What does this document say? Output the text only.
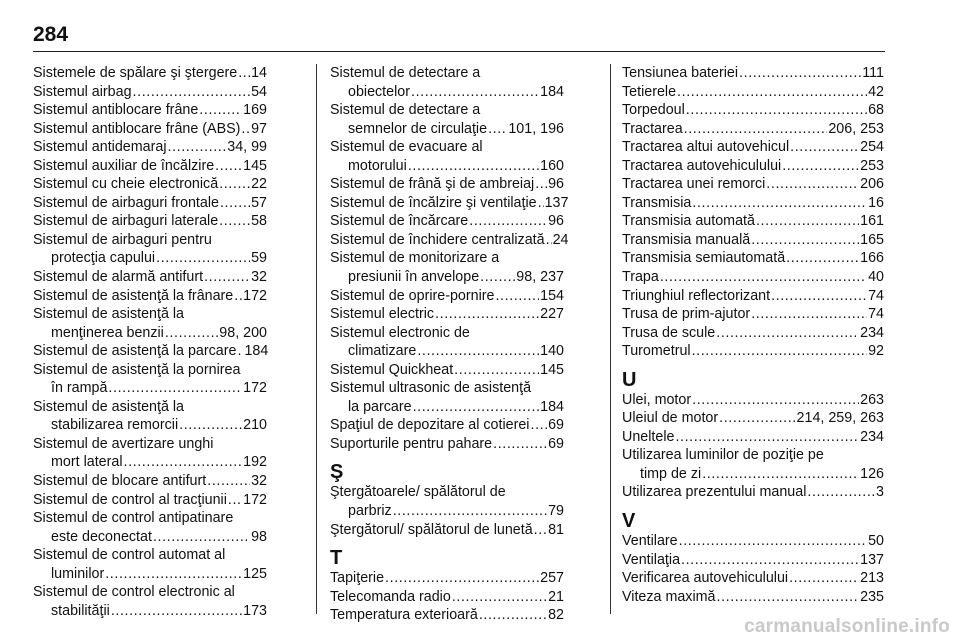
284
Sistemele de spălare şi ştergere ..... 14
Sistemul airbag .....	54
Sistemul antiblocare frâne .....	169
Sistemul antiblocare frâne (ABS) ..... 97
Sistemul antidemaraj .....	34, 99
Sistemul auxiliar de încălzire ..... 145
Sistemul cu cheie electronică ..... 22
Sistemul de airbaguri frontale ..... 57
Sistemul de airbaguri laterale ..... 58
Sistemul de airbaguri pentru
protecţia capului .....	59
Sistemul de alarmă antifurt .....	32
Sistemul de asistenţă la frânare ..... 172
Sistemul de asistenţă la
menţinerea benzii .....	98, 200
Sistemul de asistenţă la parcare ..... 184
Sistemul de asistenţă la pornirea
în rampă .....	172
Sistemul de asistenţă la
stabilizarea remorcii .....	210
Sistemul de avertizare unghi
mort lateral .....	192
Sistemul de blocare antifurt .....	32
Sistemul de control al tracţiunii ..... 172
Sistemul de control antipatinare
este deconectat .....	98
Sistemul de control automat al
luminilor .....	125
Sistemul de control electronic al
stabilităţii .....	173
Sistemul de detectare a
obiectelor .....	184
Sistemul de detectare a
semnelor de circulaţie ..... 101, 196
Sistemul de evacuare al
motorului .....	160
Sistemul de frână şi de ambreiaj ..... 96
Sistemul de încălzire şi ventilaţie ..... 137
Sistemul de încărcare .....	96
Sistemul de închidere centralizată ..... 24
Sistemul de monitorizare a
presiunii în anvelope .....	98, 237
Sistemul de oprire-pornire .....	154
Sistemul electric .....	227
Sistemul electronic de
climatizare .....	140
Sistemul Quickheat .....	145
Sistemul ultrasonic de asistenţă
la parcare .....	184
Spaţiul de depozitare al cotierei ..... 69
Suporturile pentru pahare .....	69
Ş
Ştergătoarele/ spălătorul de
parbriz .....	79
Ştergătorul/ spălătorul de lunetă ..... 81
T
Tapiţerie .....	257
Telecomanda radio .....	21
Temperatura exterioară .....	82
Tensiunea bateriei .....	111
Tetierele .....	42
Torpedoul .....	68
Tractarea .....	206, 253
Tractarea altui autovehicul .....	254
Tractarea autovehiculului .....	253
Tractarea unei remorci .....	206
Transmisia .....	16
Transmisia automată .....	161
Transmisia manuală .....	165
Transmisia semiautomată .....	166
Trapa .....	40
Triunghiul reflectorizant .....	74
Trusa de prim-ajutor .....	74
Trusa de scule .....	234
Turometrul .....	92
U
Ulei, motor .....	263
Uleiul de motor .....	214, 259, 263
Uneltele .....	234
Utilizarea luminilor de poziţie pe
timp de zi .....	126
Utilizarea prezentului manual .....	3
V
Ventilare .....	50
Ventilaţia .....	137
Verificarea autovehiculului .....	213
Viteza maximă .....	235
carmanualsonline.info
